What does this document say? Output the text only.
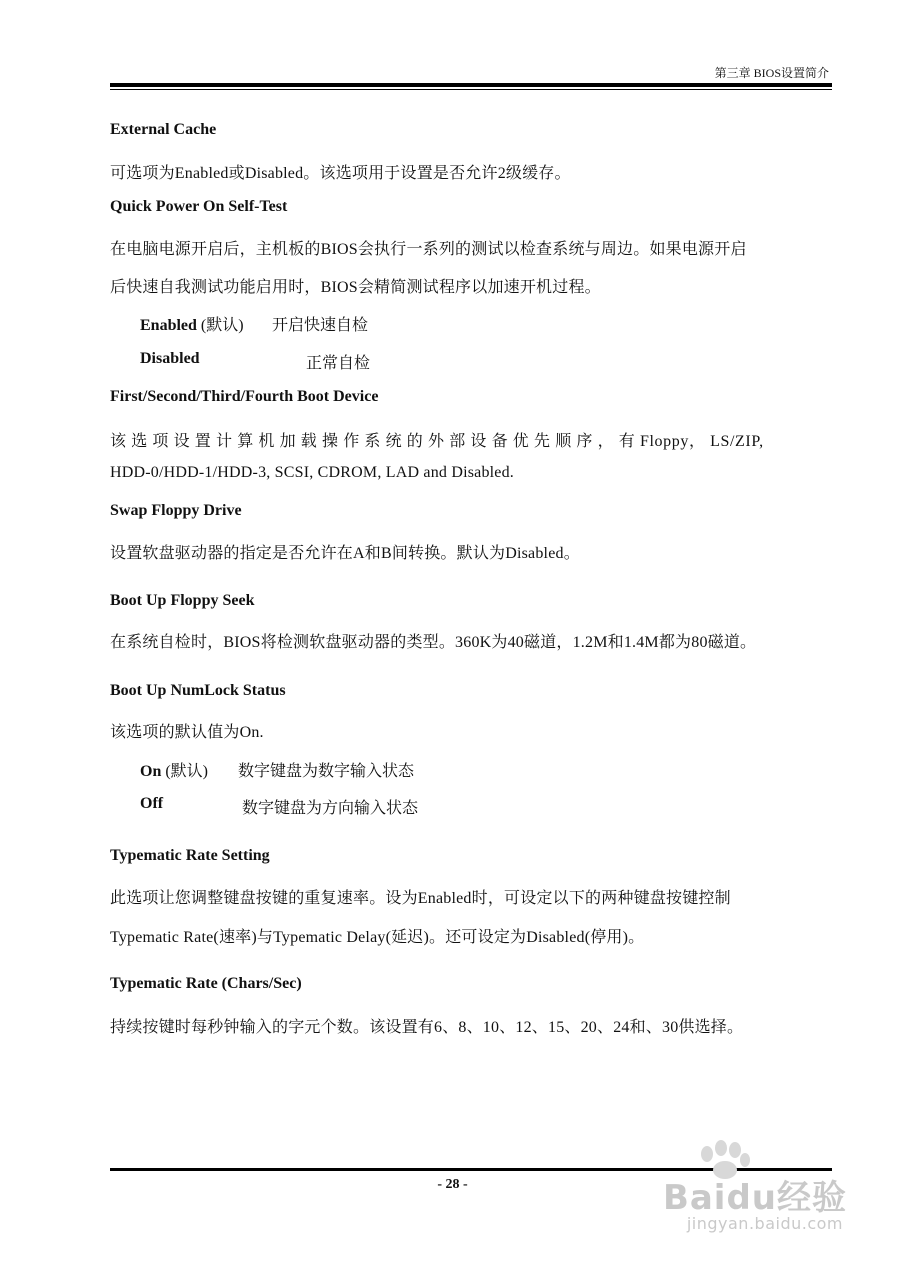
第三章 BIOS设置简介
External Cache
可选项为Enabled或Disabled。该选项用于设置是否允许2级缓存。
Quick Power On Self-Test
在电脑电源开启后，主机板的BIOS会执行一系列的测试以检查系统与周边。如果电源开启
后快速自我测试功能启用时，BIOS会精简测试程序以加速开机过程。
Enabled (默认) 开启快速自检
Disabled	正常自检
First/Second/Third/Fourth Boot Device
该 选 项 设 置 计 算 机 加 载 操 作 系 统 的 外 部 设 备 优 先 顺 序 ， 有 Floppy， LS/ZIP,
HDD-0/HDD-1/HDD-3, SCSI, CDROM, LAD and Disabled.
Swap Floppy Drive
设置软盘驱动器的指定是否允许在A和B间转换。默认为Disabled。
Boot Up Floppy Seek
在系统自检时，BIOS将检测软盘驱动器的类型。360K为40磁道，1.2M和1.4M都为80磁道。
Boot Up NumLock Status
该选项的默认值为On.
On (默认) 数字键盘为数字输入状态
Off	数字键盘为方向输入状态
Typematic Rate Setting
此选项让您调整键盘按键的重复速率。设为Enabled时，可设定以下的两种键盘按键控制
Typematic Rate(速率)与Typematic Delay(延迟)。还可设定为Disabled(停用)。
Typematic Rate (Chars/Sec)
持续按键时每秒钟输入的字元个数。该设置有6、8、10、12、15、20、24和、30供选择。
- 28 -	Baidu经验
jingyan.baidu.com
